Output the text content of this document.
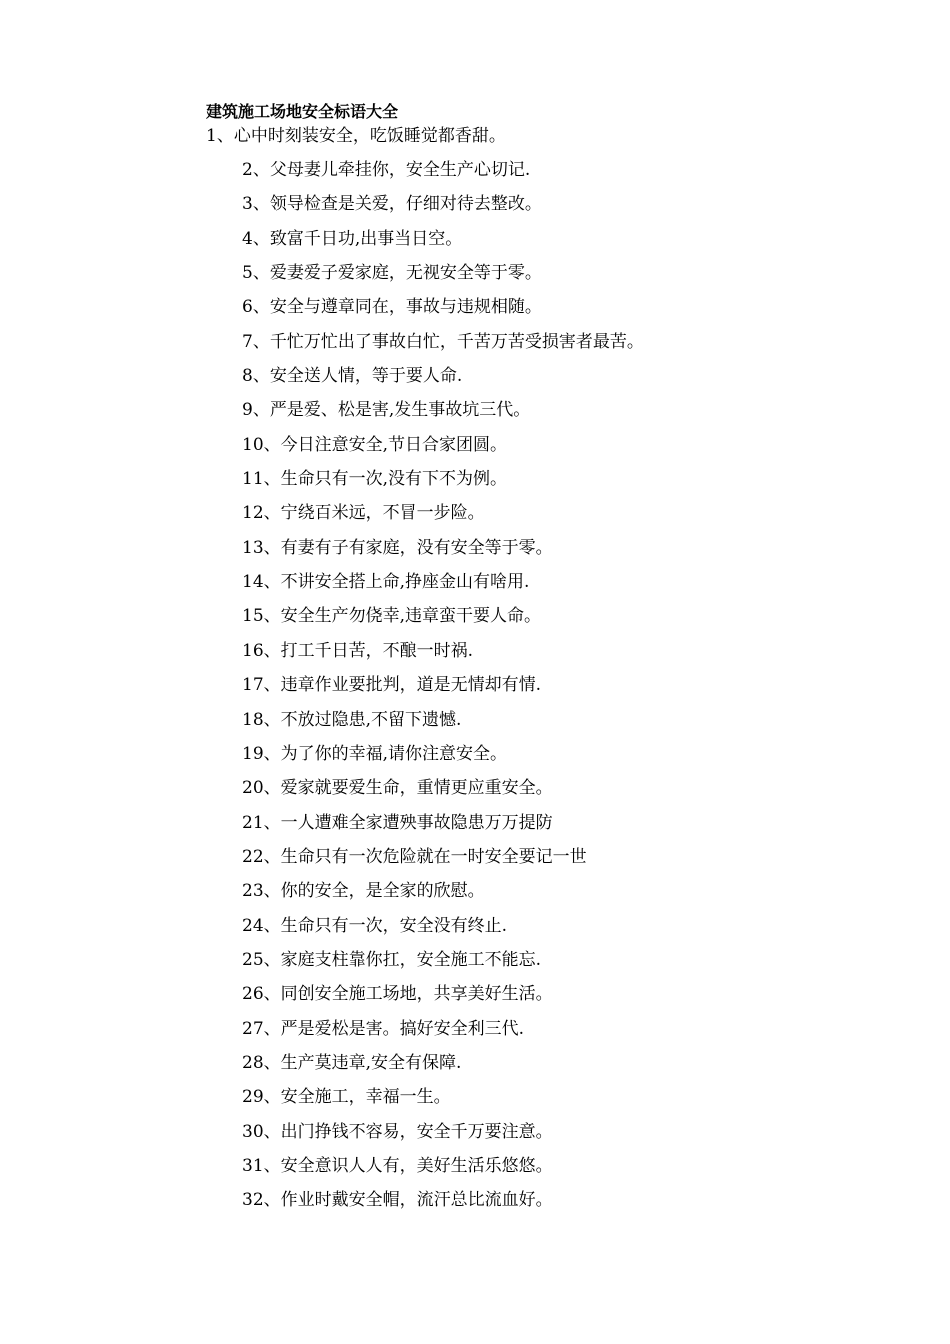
建筑施工场地安全标语大全
1、心中时刻装安全，吃饭睡觉都香甜。
2、父母妻儿牵挂你，安全生产心切记.
3、领导检查是关爱，仔细对待去整改。
4、致富千日功,出事当日空。
5、爱妻爱子爱家庭，无视安全等于零。
6、安全与遵章同在，事故与违规相随。
7、千忙万忙出了事故白忙，千苦万苦受损害者最苦。
8、安全送人情，等于要人命.
9、严是爱、松是害,发生事故坑三代。
10、今日注意安全,节日合家团圆。
11、生命只有一次,没有下不为例。
12、宁绕百米远，不冒一步险。
13、有妻有子有家庭，没有安全等于零。
14、不讲安全搭上命,挣座金山有啥用.
15、安全生产勿侥幸,违章蛮干要人命。
16、打工千日苦，不酿一时祸.
17、违章作业要批判，道是无情却有情.
18、不放过隐患,不留下遗憾.
19、为了你的幸福,请你注意安全。
20、爱家就要爱生命，重情更应重安全。
21、一人遭难全家遭殃事故隐患万万提防
22、生命只有一次危险就在一时安全要记一世
23、你的安全，是全家的欣慰。
24、生命只有一次，安全没有终止.
25、家庭支柱靠你扛，安全施工不能忘.
26、同创安全施工场地，共享美好生活。
27、严是爱松是害。搞好安全利三代.
28、生产莫违章,安全有保障.
29、安全施工，幸福一生。
30、出门挣钱不容易，安全千万要注意。
31、安全意识人人有，美好生活乐悠悠。
32、作业时戴安全帽，流汗总比流血好。
